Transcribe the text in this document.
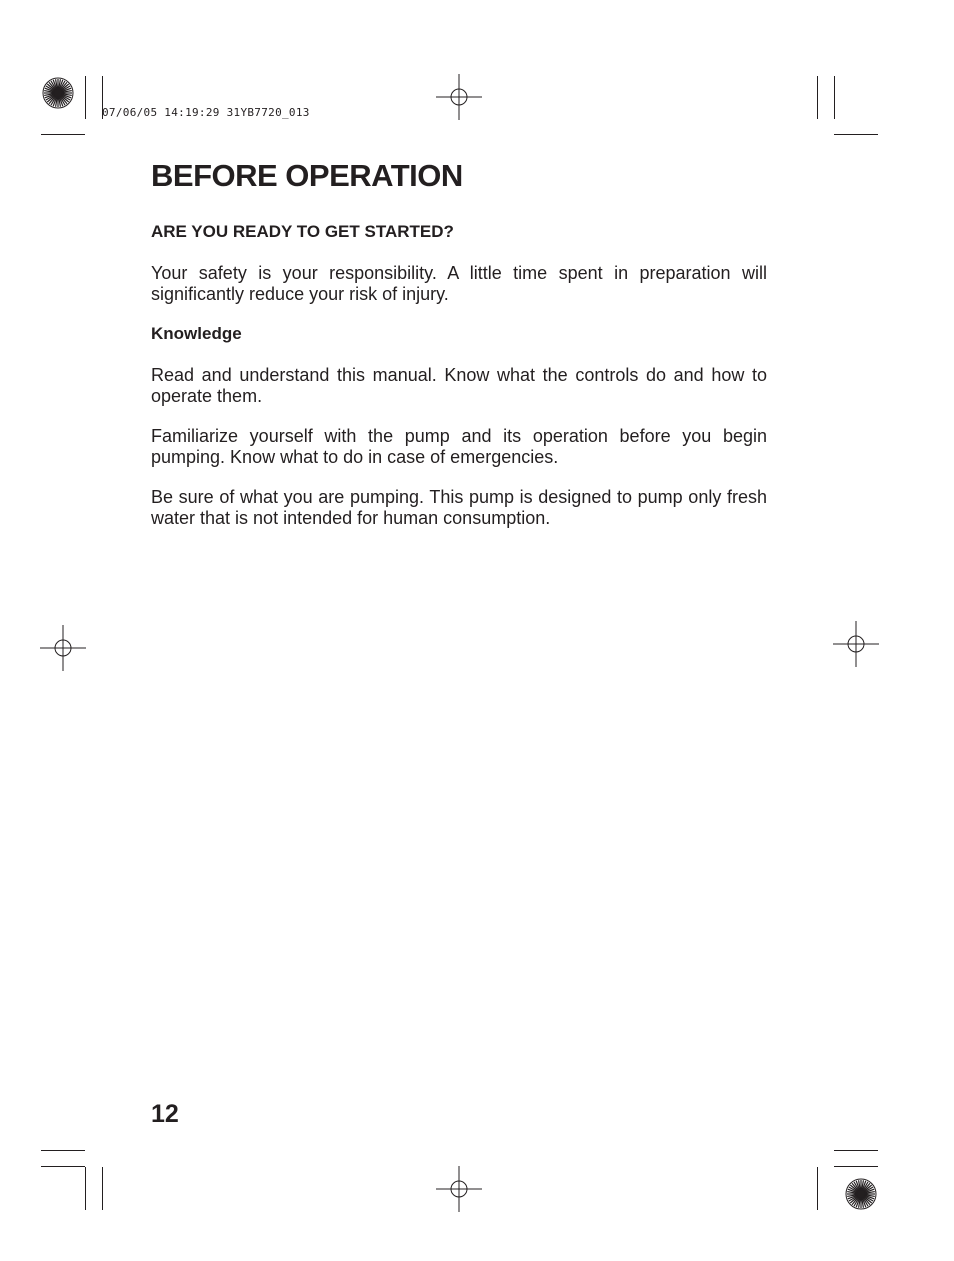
07/06/05 14:19:29 31YB7720_013
BEFORE OPERATION
ARE YOU READY TO GET STARTED?

Your safety is your responsibility. A little time spent in preparation will significantly reduce your risk of injury.

Knowledge

Read and understand this manual. Know what the controls do and how to operate them.

Familiarize yourself with the pump and its operation before you begin pumping. Know what to do in case of emergencies.

Be sure of what you are pumping. This pump is designed to pump only fresh water that is not intended for human consumption.

12
